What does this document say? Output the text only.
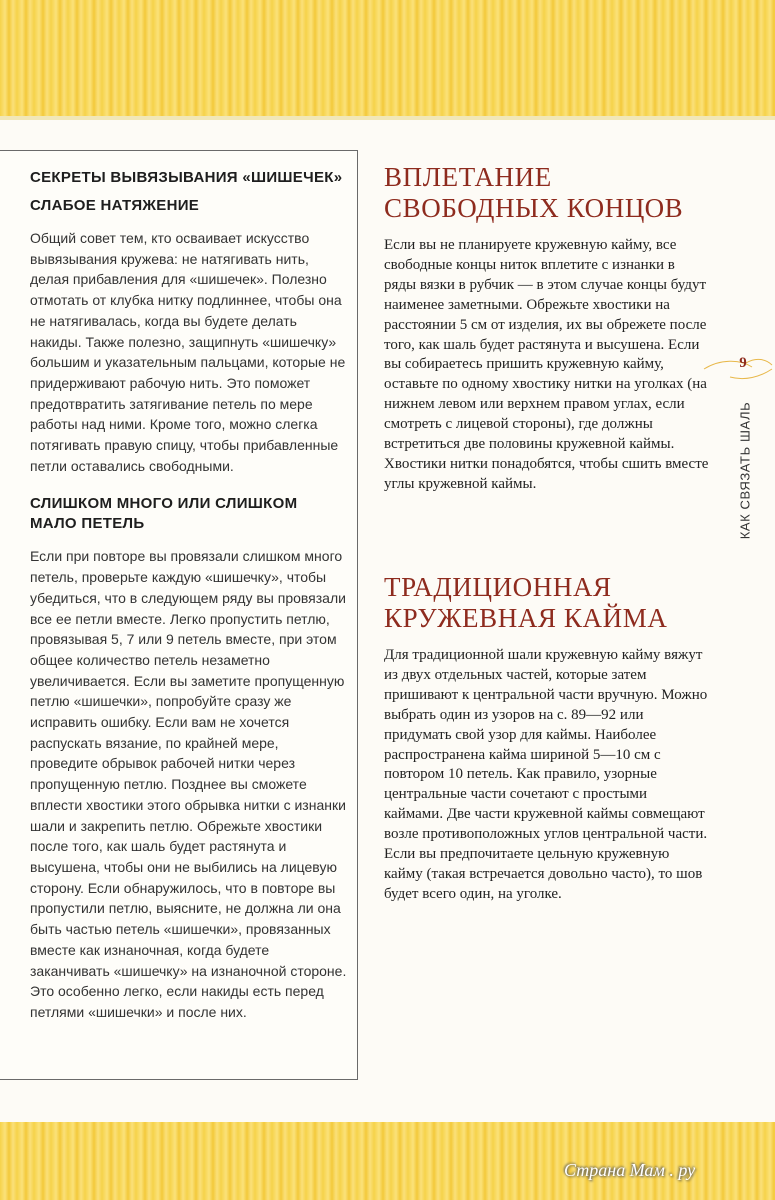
СЕКРЕТЫ ВЫВЯЗЫВАНИЯ «ШИШЕЧЕК»
СЛАБОЕ НАТЯЖЕНИЕ

Общий совет тем, кто осваивает искусство вывязывания кружева: не натягивать нить, делая прибавления для «шишечек». Полезно отмотать от клубка нитку подлиннее, чтобы она не натягивалась, когда вы будете делать накиды. Также полезно, защипнуть «шишечку» большим и указательным пальцами, которые не придерживают рабочую нить. Это поможет предотвратить затягивание петель по мере работы над ними. Кроме того, можно слегка потягивать правую спицу, чтобы прибавленные петли оставались свободными.

СЛИШКОМ МНОГО ИЛИ СЛИШКОМ МАЛО ПЕТЕЛЬ

Если при повторе вы провязали слишком много петель, проверьте каждую «шишечку», чтобы убедиться, что в следующем ряду вы провязали все ее петли вместе. Легко пропустить петлю, провязывая 5, 7 или 9 петель вместе, при этом общее количество петель незаметно увеличивается. Если вы заметите пропущенную петлю «шишечки», попробуйте сразу же исправить ошибку. Если вам не хочется распускать вязание, по крайней мере, проведите обрывок рабочей нитки через пропущенную петлю. Позднее вы сможете вплести хвостики этого обрывка нитки с изнанки шали и закрепить петлю. Обрежьте хвостики после того, как шаль будет растянута и высушена, чтобы они не выбились на лицевую сторону. Если обнаружилось, что в повторе вы пропустили петлю, выясните, не должна ли она быть частью петель «шишечки», провязанных вместе как изнаночная, когда будете заканчивать «шишечку» на изнаночной стороне. Это особенно легко, если накиды есть перед петлями «шишечки» и после них.

ВПЛЕТАНИЕ СВОБОДНЫХ КОНЦОВ

Если вы не планируете кружевную кайму, все свободные концы ниток вплетите с изнанки в ряды вязки в рубчик — в этом случае концы будут наименее заметными. Обрежьте хвостики на расстоянии 5 см от изделия, их вы обрежете после того, как шаль будет растянута и высушена. Если вы собираетесь пришить кружевную кайму, оставьте по одному хвостику нитки на уголках (на нижнем левом или верхнем правом углах, если смотреть с лицевой стороны), где должны встретиться две половины кружевной каймы. Хвостики нитки понадобятся, чтобы сшить вместе углы кружевной каймы.

ТРАДИЦИОННАЯ КРУЖЕВНАЯ КАЙМА

Для традиционной шали кружевную кайму вяжут из двух отдельных частей, которые затем пришивают к центральной части вручную. Можно выбрать один из узоров на с. 89—92 или придумать свой узор для каймы. Наиболее распространена кайма шириной 5—10 см с повтором 10 петель. Как правило, узорные центральные части сочетают с простыми каймами. Две части кружевной каймы совмещают возле противоположных углов центральной части. Если вы предпочитаете цельную кружевную кайму (такая встречается довольно часто), то шов будет всего один, на уголке.

9
КАК СВЯЗАТЬ ШАЛЬ
Страна Мам . ру
